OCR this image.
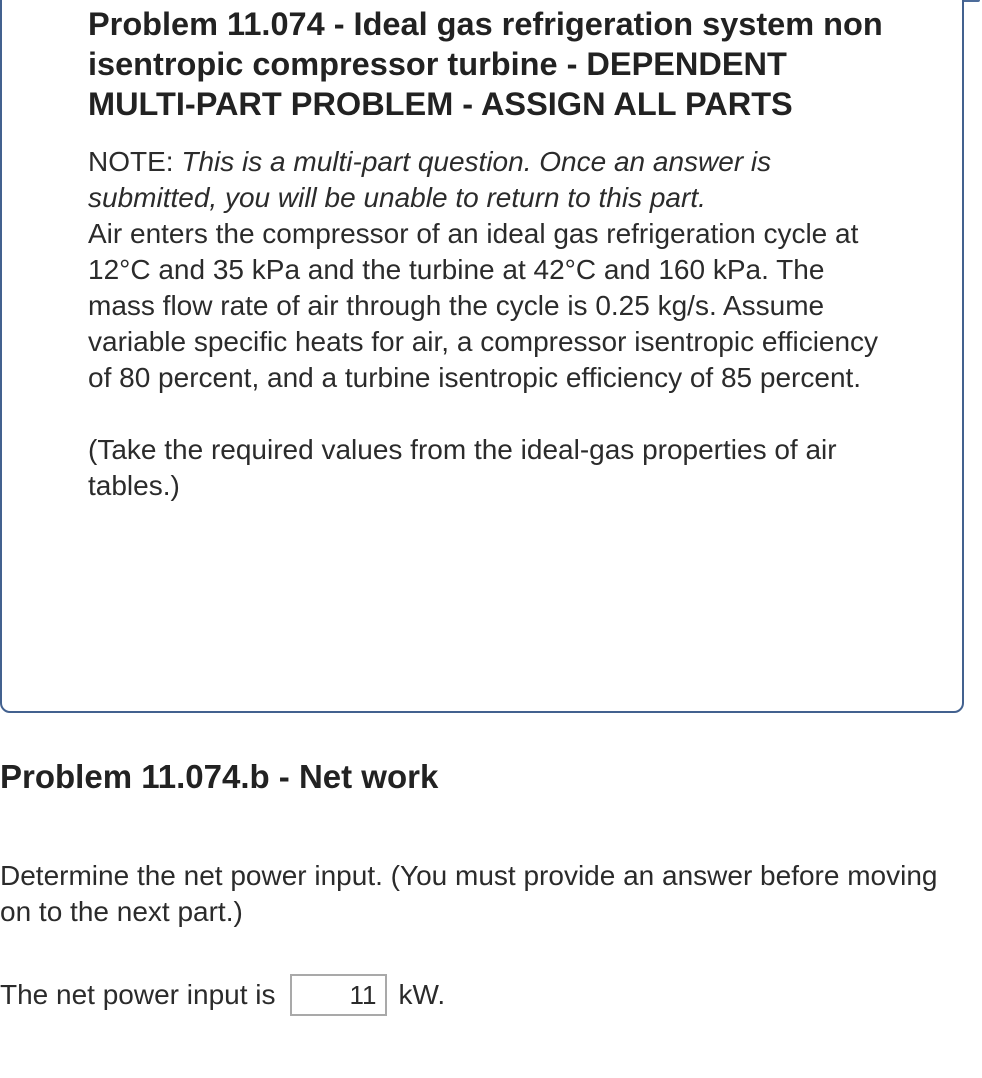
Problem 11.074 - Ideal gas refrigeration system non isentropic compressor turbine - DEPENDENT MULTI-PART PROBLEM - ASSIGN ALL PARTS
NOTE: This is a multi-part question. Once an answer is submitted, you will be unable to return to this part.
Air enters the compressor of an ideal gas refrigeration cycle at 12°C and 35 kPa and the turbine at 42°C and 160 kPa. The mass flow rate of air through the cycle is 0.25 kg/s. Assume variable specific heats for air, a compressor isentropic efficiency of 80 percent, and a turbine isentropic efficiency of 85 percent.
(Take the required values from the ideal-gas properties of air tables.)
Problem 11.074.b - Net work

Determine the net power input. (You must provide an answer before moving on to the next part.)

The net power input is
11	kW.
